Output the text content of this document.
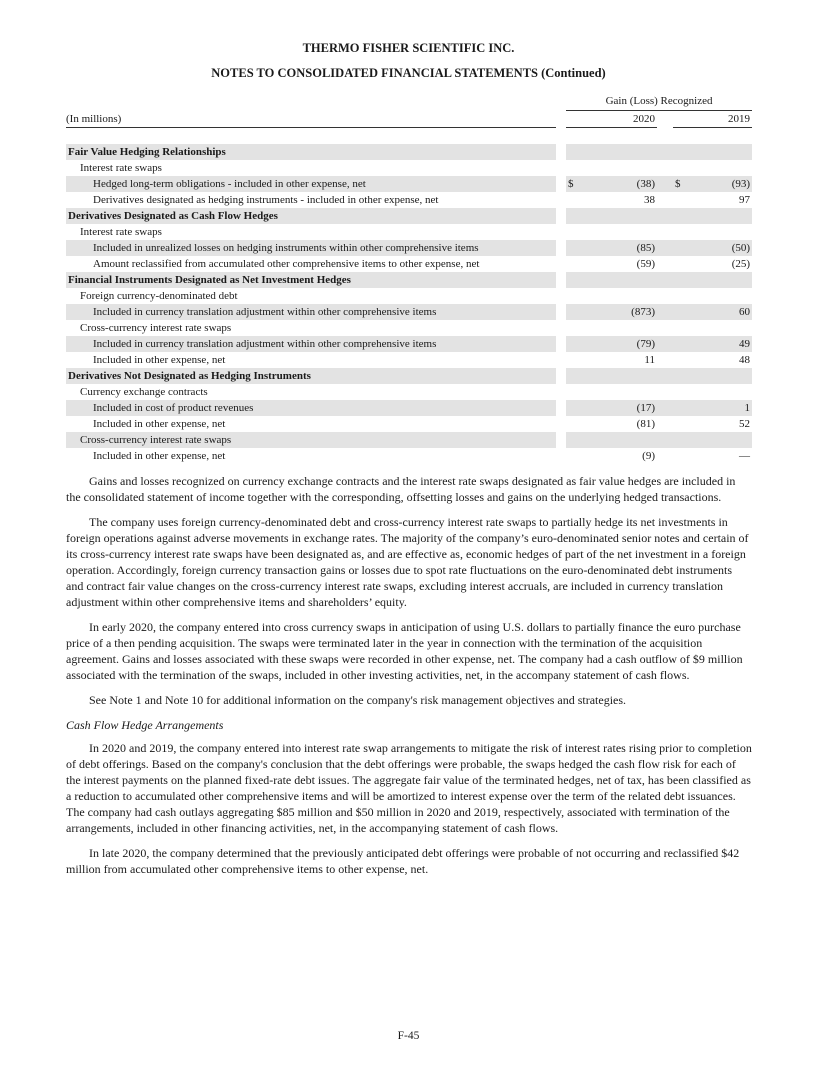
THERMO FISHER SCIENTIFIC INC.
NOTES TO CONSOLIDATED FINANCIAL STATEMENTS (Continued)
		Gain (Loss) Recognized				
(In millions)		2020			2019	

Fair Value Hedging Relationships						
Interest rate swaps						
Hedged long-term obligations - included in other expense, net		$	(38)		$	(93)
Derivatives designated as hedging instruments - included in other expense, net			38			97
Derivatives Designated as Cash Flow Hedges						
Interest rate swaps						
Included in unrealized losses on hedging instruments within other comprehensive items			(85)			(50)
Amount reclassified from accumulated other comprehensive items to other expense, net			(59)			(25)
Financial Instruments Designated as Net Investment Hedges						
Foreign currency-denominated debt						
Included in currency translation adjustment within other comprehensive items			(873)			60
Cross-currency interest rate swaps						
Included in currency translation adjustment within other comprehensive items			(79)			49
Included in other expense, net			11			48
Derivatives Not Designated as Hedging Instruments						
Currency exchange contracts						
Included in cost of product revenues			(17)			1
Included in other expense, net			(81)			52
Cross-currency interest rate swaps						
Included in other expense, net			(9)			—

Gains and losses recognized on currency exchange contracts and the interest rate swaps designated as fair value hedges are included in the consolidated statement of income together with the corresponding, offsetting losses and gains on the underlying hedged transactions.

The company uses foreign currency-denominated debt and cross-currency interest rate swaps to partially hedge its net investments in foreign operations against adverse movements in exchange rates. The majority of the company’s euro-denominated senior notes and certain of its cross-currency interest rate swaps have been designated as, and are effective as, economic hedges of part of the net investment in a foreign operation. Accordingly, foreign currency transaction gains or losses due to spot rate fluctuations on the euro-denominated debt instruments and contract fair value changes on the cross-currency interest rate swaps, excluding interest accruals, are included in currency translation adjustment within other comprehensive items and shareholders’ equity.

In early 2020, the company entered into cross currency swaps in anticipation of using U.S. dollars to partially finance the euro purchase price of a then pending acquisition. The swaps were terminated later in the year in connection with the termination of the acquisition agreement. Gains and losses associated with these swaps were recorded in other expense, net. The company had a cash outflow of $9 million associated with the termination of the swaps, included in other investing activities, net, in the accompany statement of cash flows.

See Note 1 and Note 10 for additional information on the company's risk management objectives and strategies.

Cash Flow Hedge Arrangements

In 2020 and 2019, the company entered into interest rate swap arrangements to mitigate the risk of interest rates rising prior to completion of debt offerings. Based on the company's conclusion that the debt offerings were probable, the swaps hedged the cash flow risk for each of the interest payments on the planned fixed-rate debt issues. The aggregate fair value of the terminated hedges, net of tax, has been classified as a reduction to accumulated other comprehensive items and will be amortized to interest expense over the term of the related debt issuances. The company had cash outlays aggregating $85 million and $50 million in 2020 and 2019, respectively, associated with termination of the arrangements, included in other financing activities, net, in the accompanying statement of cash flows.

In late 2020, the company determined that the previously anticipated debt offerings were probable of not occurring and reclassified $42 million from accumulated other comprehensive items to other expense, net.

F-45
